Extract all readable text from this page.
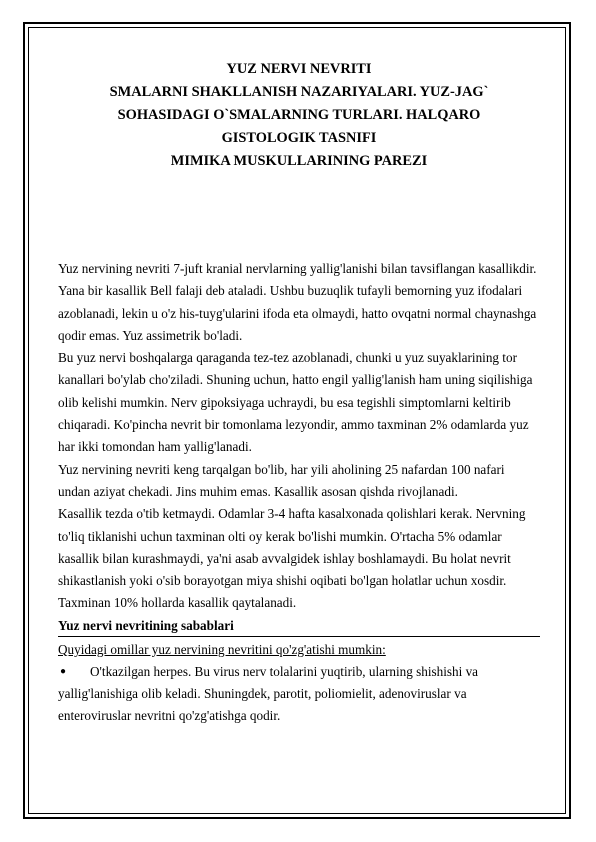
YUZ NERVI NEVRITI
SMALARNI SHAKLLANISH NAZARIYALARI. YUZ-JAG`
SOHASIDAGI O`SMALARNING TURLARI. HALQARO
GISTOLOGIK TASNIFI
MIMIKA MUSKULLARINING PAREZI

Yuz nervining nevriti 7-juft kranial nervlarning yallig'lanishi bilan tavsiflangan kasallikdir. Yana bir kasallik Bell falaji deb ataladi. Ushbu buzuqlik tufayli bemorning yuz ifodalari azoblanadi, lekin u o'z his-tuyg'ularini ifoda eta olmaydi, hatto ovqatni normal chaynashga qodir emas. Yuz assimetrik bo'ladi.

Bu yuz nervi boshqalarga qaraganda tez-tez azoblanadi, chunki u yuz suyaklarining tor kanallari bo'ylab cho'ziladi. Shuning uchun, hatto engil yallig'lanish ham uning siqilishiga olib kelishi mumkin. Nerv gipoksiyaga uchraydi, bu esa tegishli simptomlarni keltirib chiqaradi. Ko'pincha nevrit bir tomonlama lezyondir, ammo taxminan 2% odamlarda yuz har ikki tomondan ham yallig'lanadi.

Yuz nervining nevriti keng tarqalgan bo'lib, har yili aholining 25 nafardan 100 nafari undan aziyat chekadi. Jins muhim emas. Kasallik asosan qishda rivojlanadi.

Kasallik tezda o'tib ketmaydi. Odamlar 3-4 hafta kasalxonada qolishlari kerak. Nervning to'liq tiklanishi uchun taxminan olti oy kerak bo'lishi mumkin. O'rtacha 5% odamlar kasallik bilan kurashmaydi, ya'ni asab avvalgidek ishlay boshlamaydi. Bu holat nevrit shikastlanish yoki o'sib borayotgan miya shishi oqibati bo'lgan holatlar uchun xosdir. Taxminan 10% hollarda kasallik qaytalanadi.

Yuz nervi nevritining sabablari
Quyidagi omillar yuz nervining nevritini qo'zg'atishi mumkin:
●	O'tkazilgan herpes. Bu virus nerv tolalarini yuqtirib, ularning shishishi va yallig'lanishiga olib keladi. Shuningdek, parotit, poliomielit, adenoviruslar va enteroviruslar nevritni qo'zg'atishga qodir.
